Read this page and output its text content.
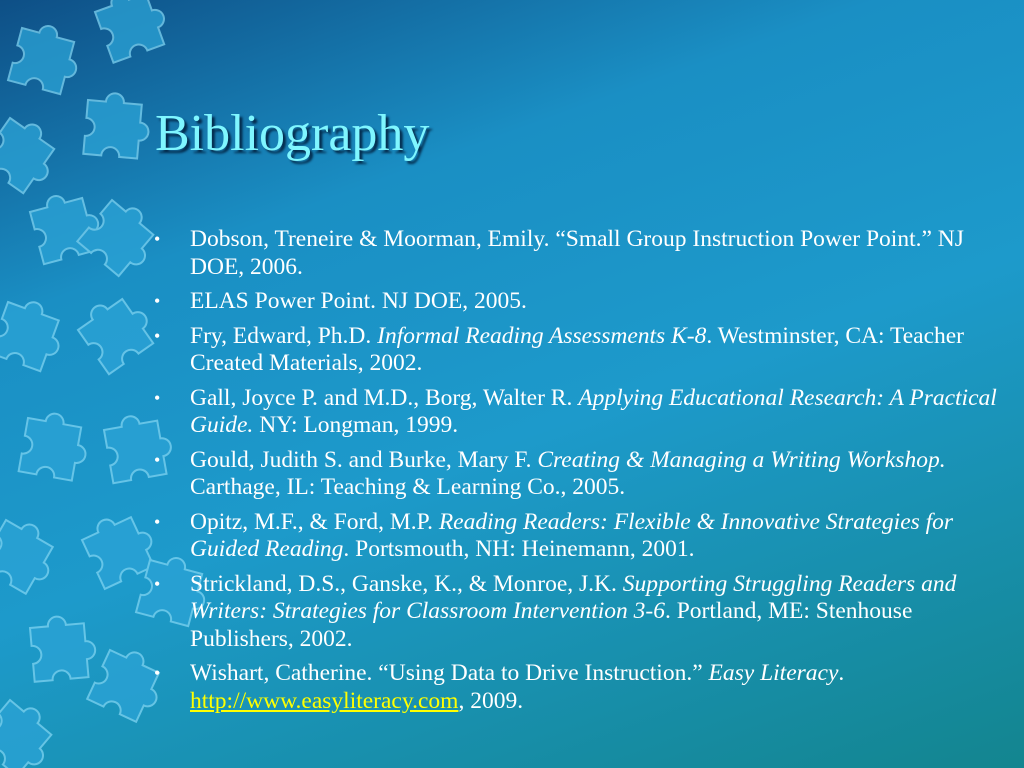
Bibliography
• Dobson, Treneire & Moorman, Emily. “Small Group Instruction Power Point.” NJ DOE, 2006.
• ELAS Power Point. NJ DOE, 2005.
• Fry, Edward, Ph.D. Informal Reading Assessments K-8. Westminster, CA: Teacher Created Materials, 2002.
• Gall, Joyce P. and M.D., Borg, Walter R. Applying Educational Research: A Practical Guide. NY: Longman, 1999.
• Gould, Judith S. and Burke, Mary F. Creating & Managing a Writing Workshop. Carthage, IL: Teaching & Learning Co., 2005.
• Opitz, M.F., & Ford, M.P. Reading Readers: Flexible & Innovative Strategies for Guided Reading. Portsmouth, NH: Heinemann, 2001.
• Strickland, D.S., Ganske, K., & Monroe, J.K. Supporting Struggling Readers and Writers: Strategies for Classroom Intervention 3-6. Portland, ME: Stenhouse Publishers, 2002.
• Wishart, Catherine. “Using Data to Drive Instruction.” Easy Literacy. http://www.easyliteracy.com, 2009.
